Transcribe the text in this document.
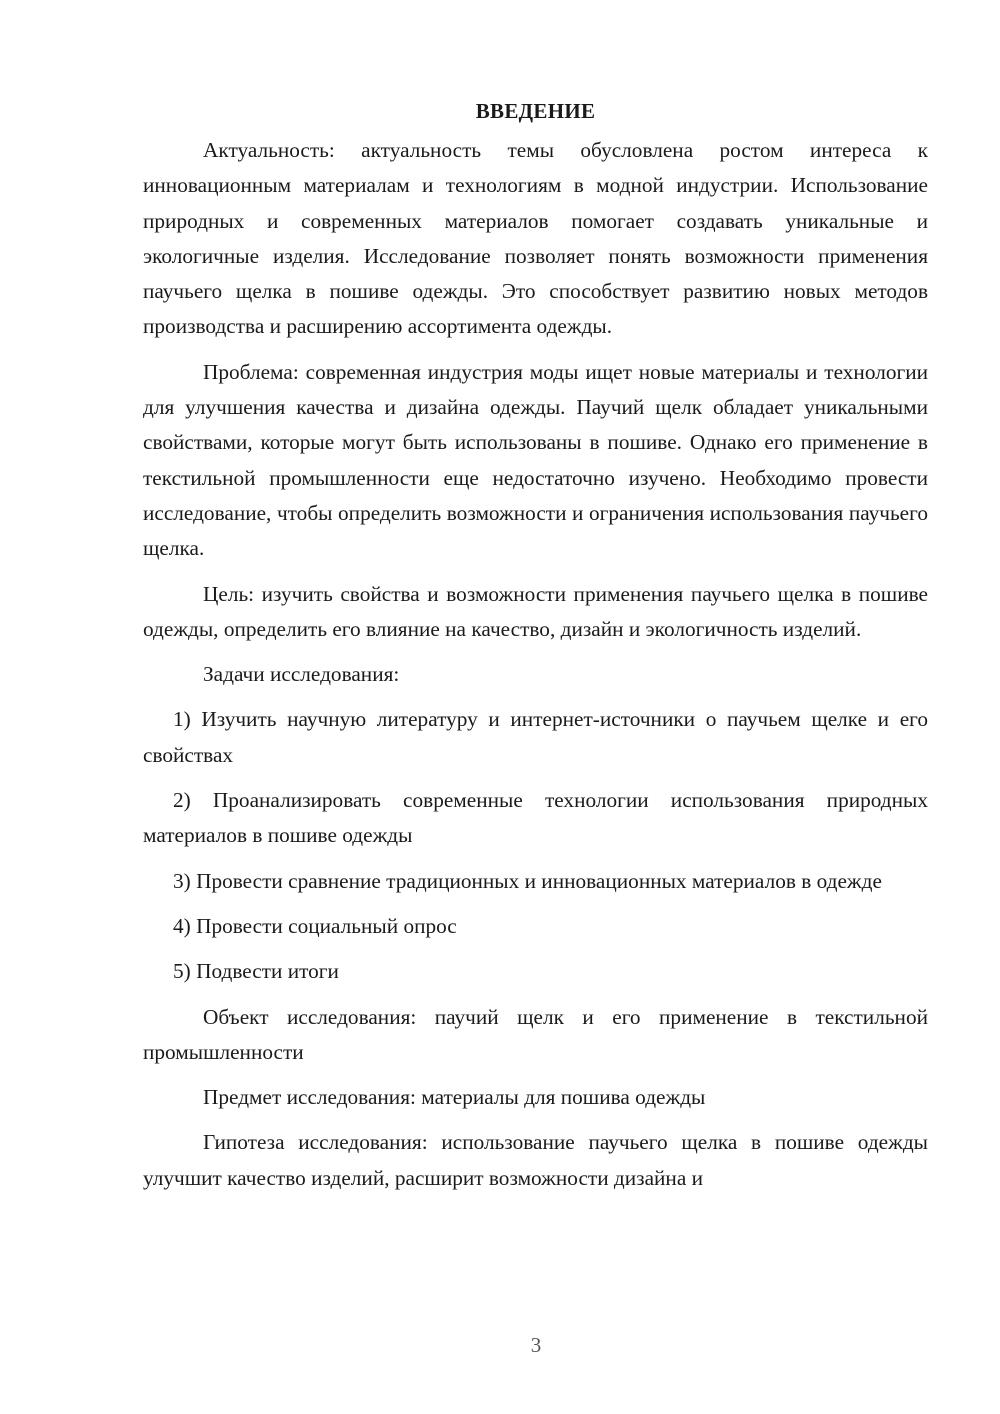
ВВЕДЕНИЕ

Актуальность: актуальность темы обусловлена ростом интереса к инновационным материалам и технологиям в модной индустрии. Использование природных и современных материалов помогает создавать уникальные и экологичные изделия. Исследование позволяет понять возможности применения паучьего щелка в пошиве одежды. Это способствует развитию новых методов производства и расширению ассортимента одежды.

Проблема: современная индустрия моды ищет новые материалы и технологии для улучшения качества и дизайна одежды. Паучий щелк обладает уникальными свойствами, которые могут быть использованы в пошиве. Однако его применение в текстильной промышленности еще недостаточно изучено. Необходимо провести исследование, чтобы определить возможности и ограничения использования паучьего щелка.

Цель: изучить свойства и возможности применения паучьего щелка в пошиве одежды, определить его влияние на качество, дизайн и экологичность изделий.

Задачи исследования:

1) Изучить научную литературу и интернет-источники о паучьем щелке и его свойствах

2) Проанализировать современные технологии использования природных материалов в пошиве одежды

3) Провести сравнение традиционных и инновационных материалов в одежде

4) Провести социальный опрос

5) Подвести итоги

Объект исследования: паучий щелк и его применение в текстильной промышленности

Предмет исследования: материалы для пошива одежды

Гипотеза исследования: использование паучьего щелка в пошиве одежды улучшит качество изделий, расширит возможности дизайна и

3
